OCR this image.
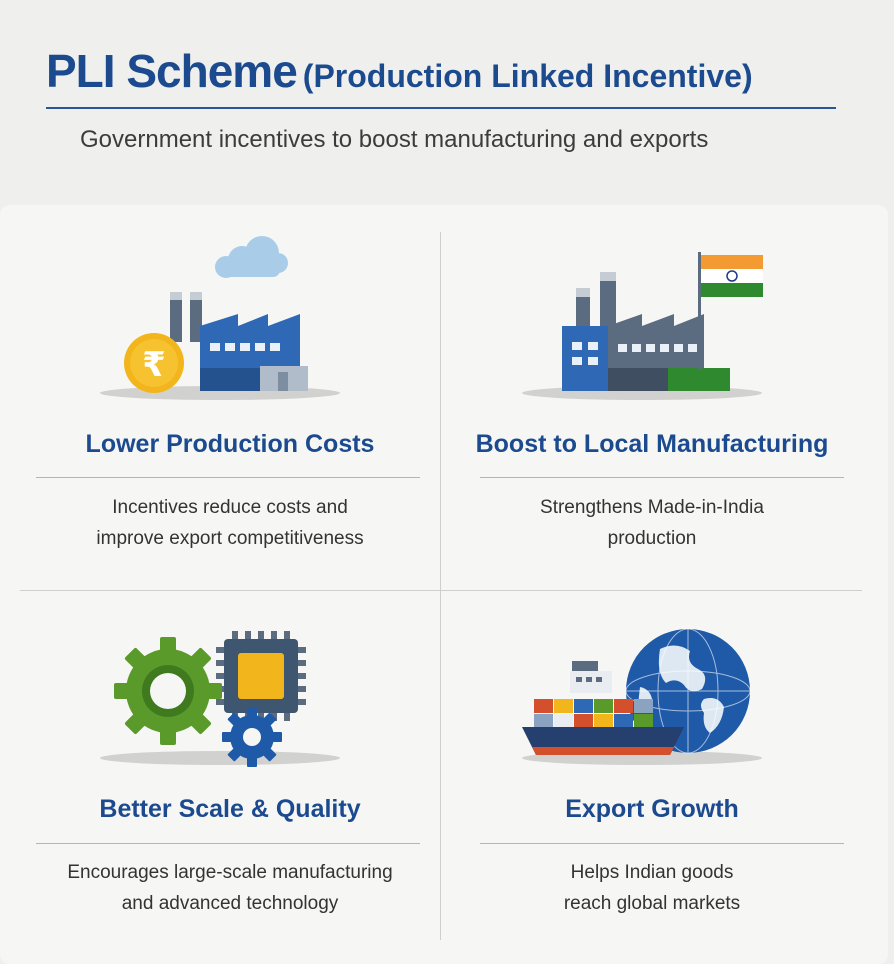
PLI Scheme (Production Linked Incentive)
Government incentives to boost manufacturing and exports
₹
Lower Production Costs
Incentives reduce costs and
improve export competitiveness
Boost to Local Manufacturing
Strengthens Made-in-India
production
Better Scale & Quality
Encourages large-scale manufacturing
and advanced technology
Export Growth
Helps Indian goods
reach global markets
